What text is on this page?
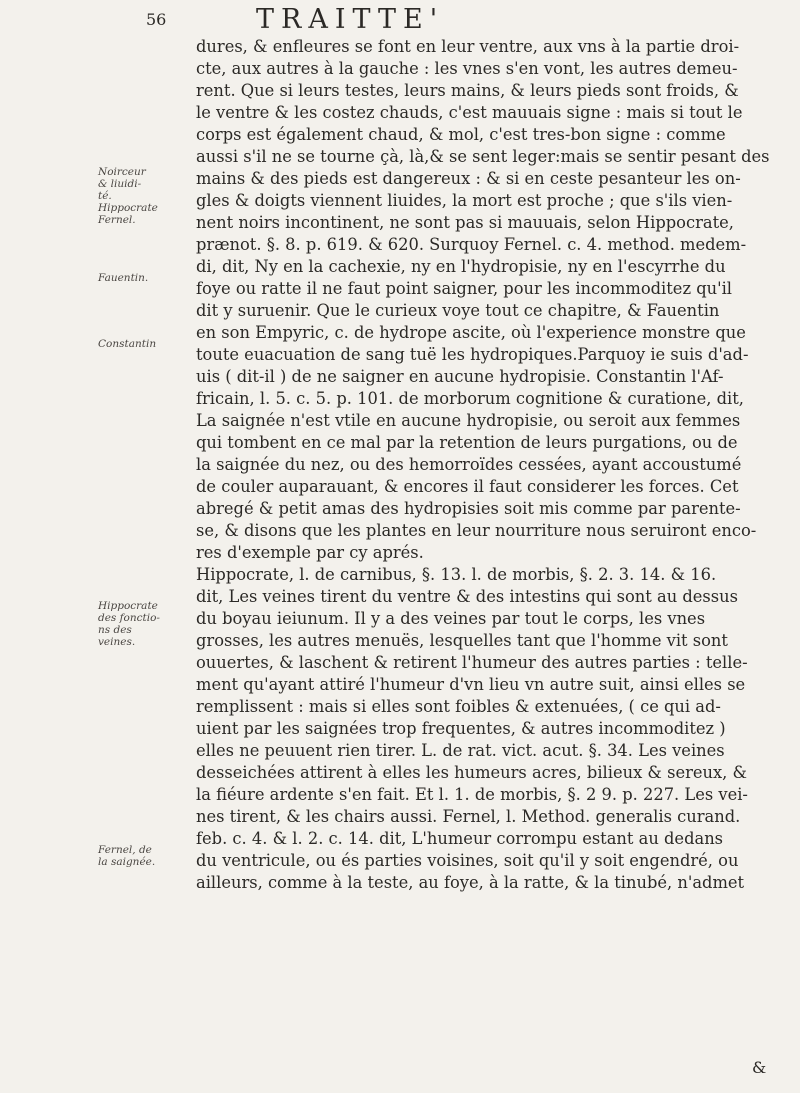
56	TRAITTE'
Noirceur
& liuidi-
té.
Hippocrate
Fernel.
Fauentin.
Constantin
Hippocrate
des fonctio-
ns des
veines.
Fernel, de
la saignée.
dures, & enfleures se font en leur ventre, aux vns à la partie droi-
cte, aux autres à la gauche : les vnes s'en vont, les autres demeu-
rent. Que si leurs testes, leurs mains, & leurs pieds sont froids, &
le ventre & les costez chauds, c'est mauuais signe : mais si tout le
corps est également chaud, & mol, c'est tres-bon signe : comme
aussi s'il ne se tourne çà, là,& se sent leger:mais se sentir pesant des
mains & des pieds est dangereux : & si en ceste pesanteur les on-
gles & doigts viennent liuides, la mort est proche ; que s'ils vien-
nent noirs incontinent, ne sont pas si mauuais, selon Hippocrate,
prænot. §. 8. p. 619. & 620. Surquoy Fernel. c. 4. method. medem-
di, dit, Ny en la cachexie, ny en l'hydropisie, ny en l'escyrrhe du
foye ou ratte il ne faut point saigner, pour les incommoditez qu'il
dit y suruenir. Que le curieux voye tout ce chapitre, & Fauentin
en son Empyric, c. de hydrope ascite, où l'experience monstre que
toute euacuation de sang tuë les hydropiques.Parquoy ie suis d'ad-
uis ( dit-il ) de ne saigner en aucune hydropisie. Constantin l'Af-
fricain, l. 5. c. 5. p. 101. de morborum cognitione & curatione, dit,
La saignée n'est vtile en aucune hydropisie, ou seroit aux femmes
qui tombent en ce mal par la retention de leurs purgations, ou de
la saignée du nez, ou des hemorroïdes cessées, ayant accoustumé
de couler auparauant, & encores il faut considerer les forces. Cet
abregé & petit amas des hydropisies soit mis comme par parente-
se, & disons que les plantes en leur nourriture nous seruiront enco-
res d'exemple par cy aprés.
Hippocrate, l. de carnibus, §. 13. l. de morbis, §. 2. 3. 14. & 16.
dit, Les veines tirent du ventre & des intestins qui sont au dessus
du boyau ieiunum. Il y a des veines par tout le corps, les vnes
grosses, les autres menuës, lesquelles tant que l'homme vit sont
ouuertes, & laschent & retirent l'humeur des autres parties : telle-
ment qu'ayant attiré l'humeur d'vn lieu vn autre suit, ainsi elles se
remplissent : mais si elles sont foibles & extenuées, ( ce qui ad-
uient par les saignées trop frequentes, & autres incommoditez )
elles ne peuuent rien tirer. L. de rat. vict. acut. §. 34. Les veines
desseichées attirent à elles les humeurs acres, bilieux & sereux, &
la fiéure ardente s'en fait. Et l. 1. de morbis, §. 2 9. p. 227. Les vei-
nes tirent, & les chairs aussi. Fernel, l. Method. generalis curand.
feb. c. 4. & l. 2. c. 14. dit, L'humeur corrompu estant au dedans
du ventricule, ou és parties voisines, soit qu'il y soit engendré, ou
ailleurs, comme à la teste, au foye, à la ratte, & la tinubé, n'admet
&
